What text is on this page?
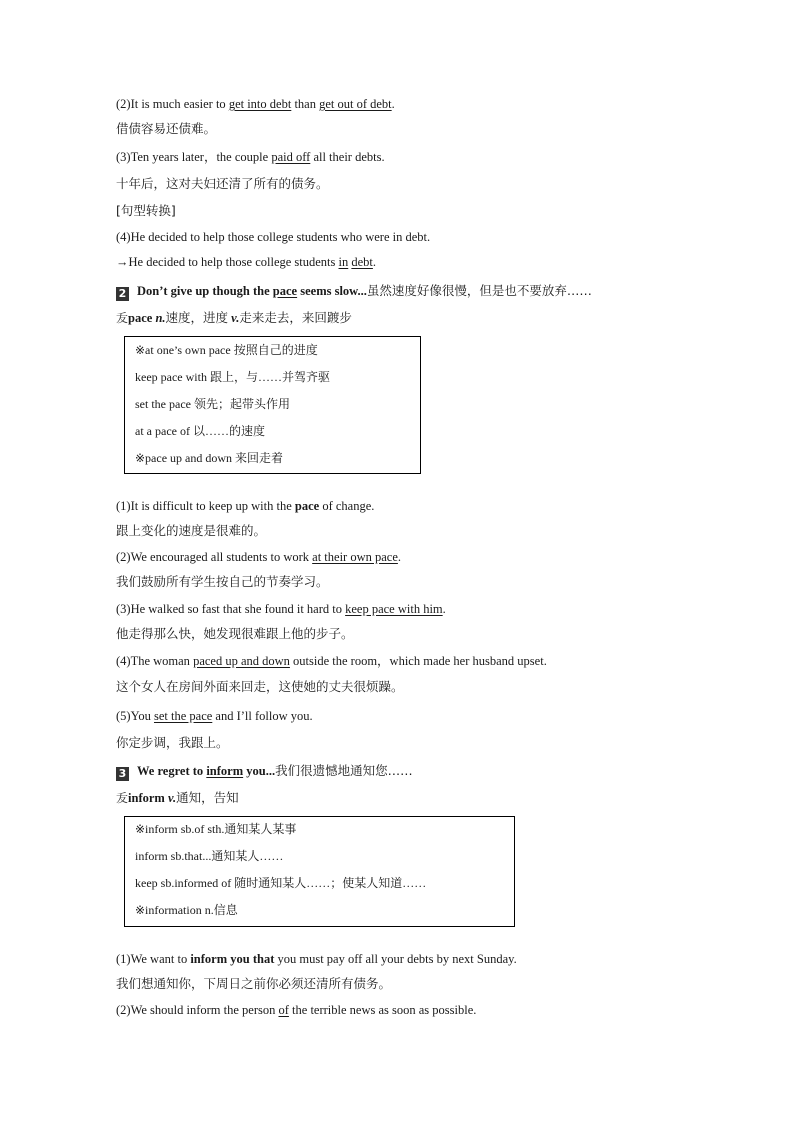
(2)It is much easier to get into debt than get out of debt.
借债容易还债难。
(3)Ten years later，the couple paid off all their debts.
十年后，这对夫妇还清了所有的债务。
[句型转换]
(4)He decided to help those college students who were in debt.
→He decided to help those college students in debt.
2 Don’t give up though the pace seems slow...虽然速度好像很慢，但是也不要放弃……
叐pace n.速度，进度 v.走来走去，来回踱步
※at one’s own pace 按照自己的进度
keep pace with 跟上，与……并驾齐驱
set the pace 领先；起带头作用
at a pace of 以……的速度
※pace up and down 来回走着
(1)It is difficult to keep up with the pace of change.
跟上变化的速度是很难的。
(2)We encouraged all students to work at their own pace.
我们鼓励所有学生按自己的节奏学习。
(3)He walked so fast that she found it hard to keep pace with him.
他走得那么快，她发现很难跟上他的步子。
(4)The woman paced up and down outside the room，which made her husband upset.
这个女人在房间外面来回走，这使她的丈夫很烦躁。
(5)You set the pace and I’ll follow you.
你定步调，我跟上。
3 We regret to inform you...我们很遗憾地通知您……
叐inform v.通知，告知
※inform sb.of sth.通知某人某事
inform sb.that...通知某人……
keep sb.informed of 随时通知某人……；使某人知道……
※information n.信息
(1)We want to inform you that you must pay off all your debts by next Sunday.
我们想通知你，下周日之前你必须还清所有债务。
(2)We should inform the person of the terrible news as soon as possible.
